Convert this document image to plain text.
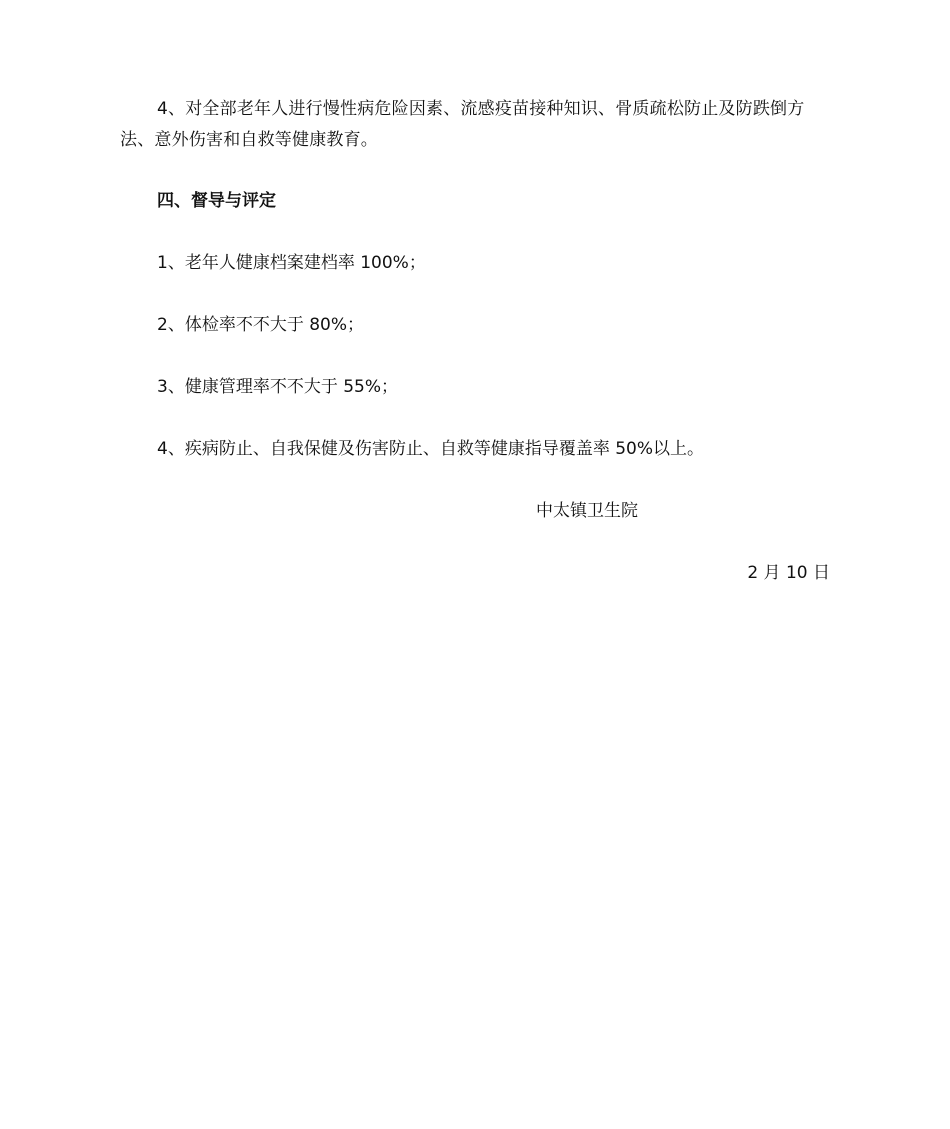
4、对全部老年人进行慢性病危险因素、流感疫苗接种知识、骨质疏松防止及防跌倒方法、意外伤害和自救等健康教育。
四、督导与评定
1、老年人健康档案建档率 100%；
2、体检率不不大于 80%；
3、健康管理率不不大于 55%；
4、疾病防止、自我保健及伤害防止、自救等健康指导覆盖率 50%以上。
中太镇卫生院
2 月 10 日
